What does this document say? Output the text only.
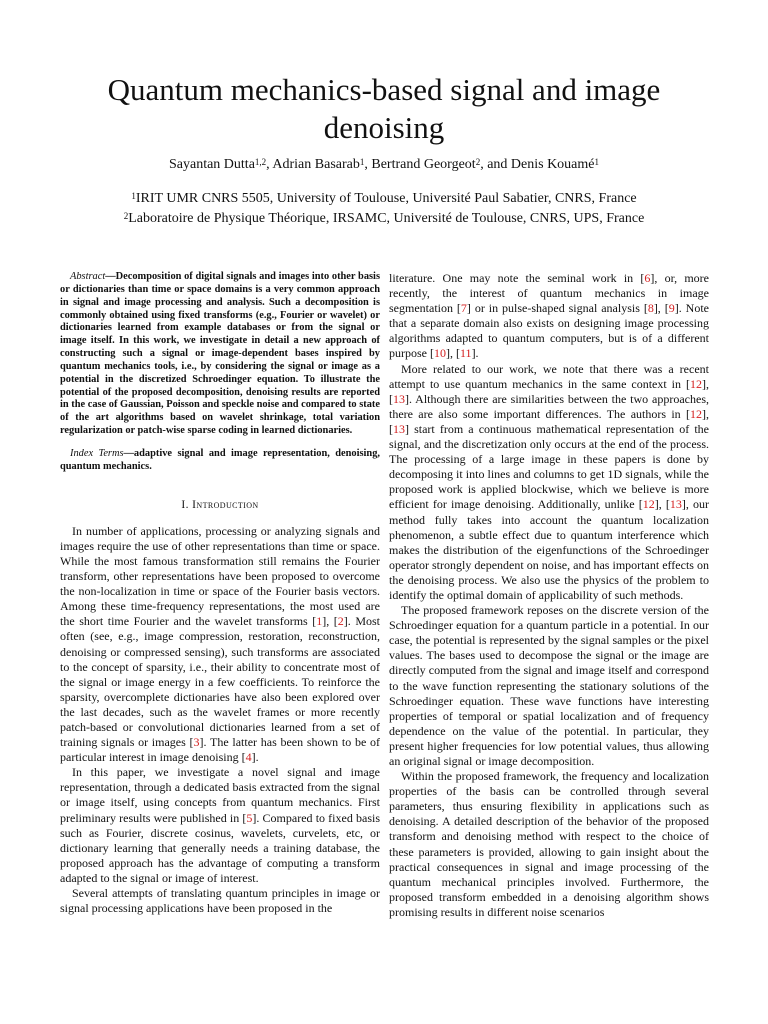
Quantum mechanics-based signal and image denoising
Sayantan Dutta$^{1,2}$, Adrian Basarab$^1$, Bertrand Georgeot$^2$, and Denis Kouamé$^1$
$^1$IRIT UMR CNRS 5505, University of Toulouse, Université Paul Sabatier, CNRS, France
$^2$Laboratoire de Physique Théorique, IRSAMC, Université de Toulouse, CNRS, UPS, France

Abstract—Decomposition of digital signals and images into other basis or dictionaries than time or space domains is a very common approach in signal and image processing and analysis. Such a decomposition is commonly obtained using fixed transforms (e.g., Fourier or wavelet) or dictionaries learned from example databases or from the signal or image itself. In this work, we investigate in detail a new approach of constructing such a signal or image-dependent bases inspired by quantum mechanics tools, i.e., by considering the signal or image as a potential in the discretized Schroedinger equation. To illustrate the potential of the proposed decomposition, denoising results are reported in the case of Gaussian, Poisson and speckle noise and compared to state of the art algorithms based on wavelet shrinkage, total variation regularization or patch-wise sparse coding in learned dictionaries.

Index Terms—adaptive signal and image representation, denoising, quantum mechanics.

I. Introduction

In number of applications, processing or analyzing signals and images require the use of other representations than time or space. While the most famous transformation still remains the Fourier transform, other representations have been proposed to overcome the non-localization in time or space of the Fourier basis vectors. Among these time-frequency representations, the most used are the short time Fourier and the wavelet transforms [1], [2]. Most often (see, e.g., image compression, restoration, reconstruction, denoising or compressed sensing), such transforms are associated to the concept of sparsity, i.e., their ability to concentrate most of the signal or image energy in a few coefficients. To reinforce the sparsity, overcomplete dictionaries have also been explored over the last decades, such as the wavelet frames or more recently patch-based or convolutional dictionaries learned from a set of training signals or images [3]. The latter has been shown to be of particular interest in image denoising [4].

In this paper, we investigate a novel signal and image representation, through a dedicated basis extracted from the signal or image itself, using concepts from quantum mechanics. First preliminary results were published in [5]. Compared to fixed basis such as Fourier, discrete cosinus, wavelets, curvelets, etc, or dictionary learning that generally needs a training database, the proposed approach has the advantage of computing a transform adapted to the signal or image of interest.

Several attempts of translating quantum principles in image or signal processing applications have been proposed in the

literature. One may note the seminal work in [6], or, more recently, the interest of quantum mechanics in image segmentation [7] or in pulse-shaped signal analysis [8], [9]. Note that a separate domain also exists on designing image processing algorithms adapted to quantum computers, but is of a different purpose [10], [11].

More related to our work, we note that there was a recent attempt to use quantum mechanics in the same context in [12], [13]. Although there are similarities between the two approaches, there are also some important differences. The authors in [12], [13] start from a continuous mathematical representation of the signal, and the discretization only occurs at the end of the process. The processing of a large image in these papers is done by decomposing it into lines and columns to get 1D signals, while the proposed work is applied blockwise, which we believe is more efficient for image denoising. Additionally, unlike [12], [13], our method fully takes into account the quantum localization phenomenon, a subtle effect due to quantum interference which makes the distribution of the eigenfunctions of the Schroedinger operator strongly dependent on noise, and has important effects on the denoising process. We also use the physics of the problem to identify the optimal domain of applicability of such methods.

The proposed framework reposes on the discrete version of the Schroedinger equation for a quantum particle in a potential. In our case, the potential is represented by the signal samples or the pixel values. The bases used to decompose the signal or the image are directly computed from the signal and image itself and correspond to the wave function representing the stationary solutions of the Schroedinger equation. These wave functions have interesting properties of temporal or spatial localization and of frequency dependence on the value of the potential. In particular, they present higher frequencies for low potential values, thus allowing an original signal or image decomposition.

Within the proposed framework, the frequency and localization properties of the basis can be controlled through several parameters, thus ensuring flexibility in applications such as denoising. A detailed description of the behavior of the proposed transform and denoising method with respect to the choice of these parameters is provided, allowing to gain insight about the practical consequences in signal and image processing of the quantum mechanical principles involved. Furthermore, the proposed transform embedded in a denoising algorithm shows promising results in different noise scenarios
